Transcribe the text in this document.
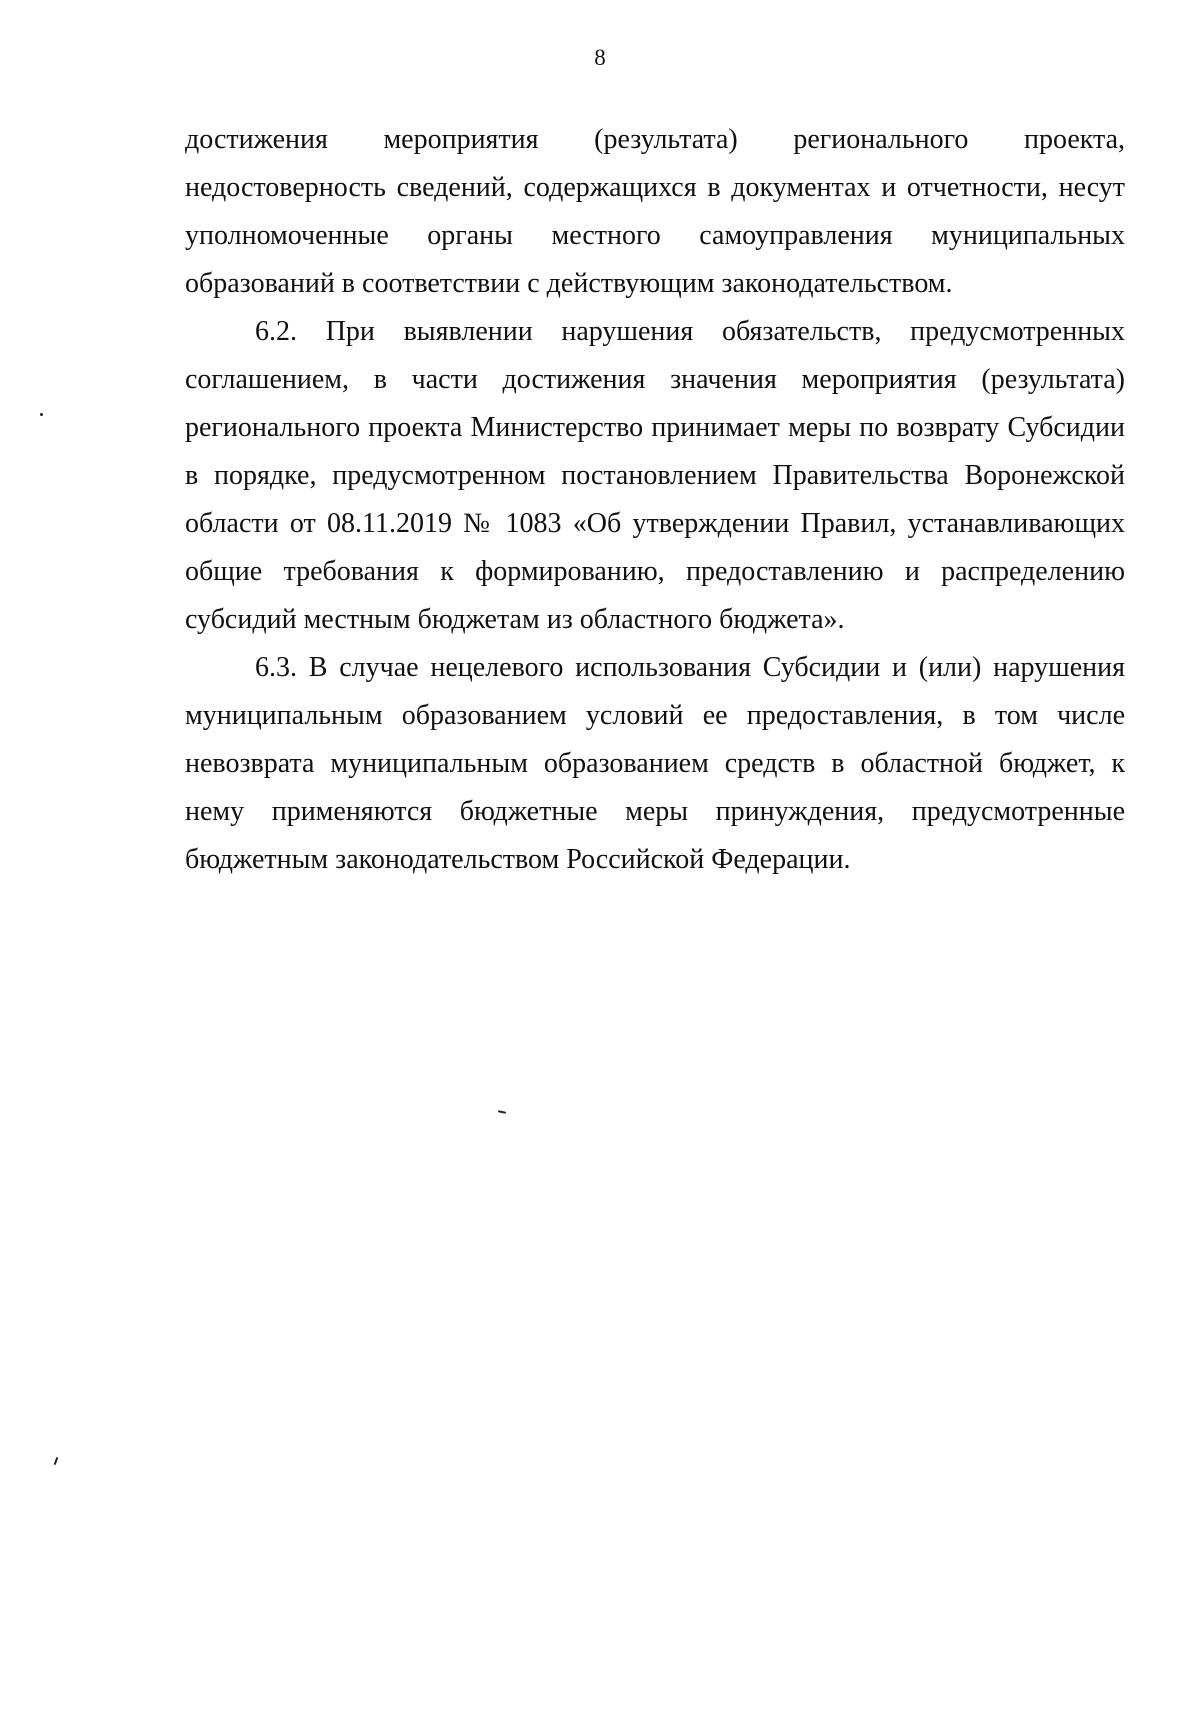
8

достижения мероприятия (результата) регионального проекта, недостоверность сведений, содержащихся в документах и отчетности, несут уполномоченные органы местного самоуправления муниципальных образований в соответствии с действующим законодательством.

6.2. При выявлении нарушения обязательств, предусмотренных соглашением, в части достижения значения мероприятия (результата) регионального проекта Министерство принимает меры по возврату Субсидии в порядке, предусмотренном постановлением Правительства Воронежской области от 08.11.2019 № 1083 «Об утверждении Правил, устанавливающих общие требования к формированию, предоставлению и распределению субсидий местным бюджетам из областного бюджета».

6.3. В случае нецелевого использования Субсидии и (или) нарушения муниципальным образованием условий ее предоставления, в том числе невозврата муниципальным образованием средств в областной бюджет, к нему применяются бюджетные меры принуждения, предусмотренные бюджетным законодательством Российской Федерации.
